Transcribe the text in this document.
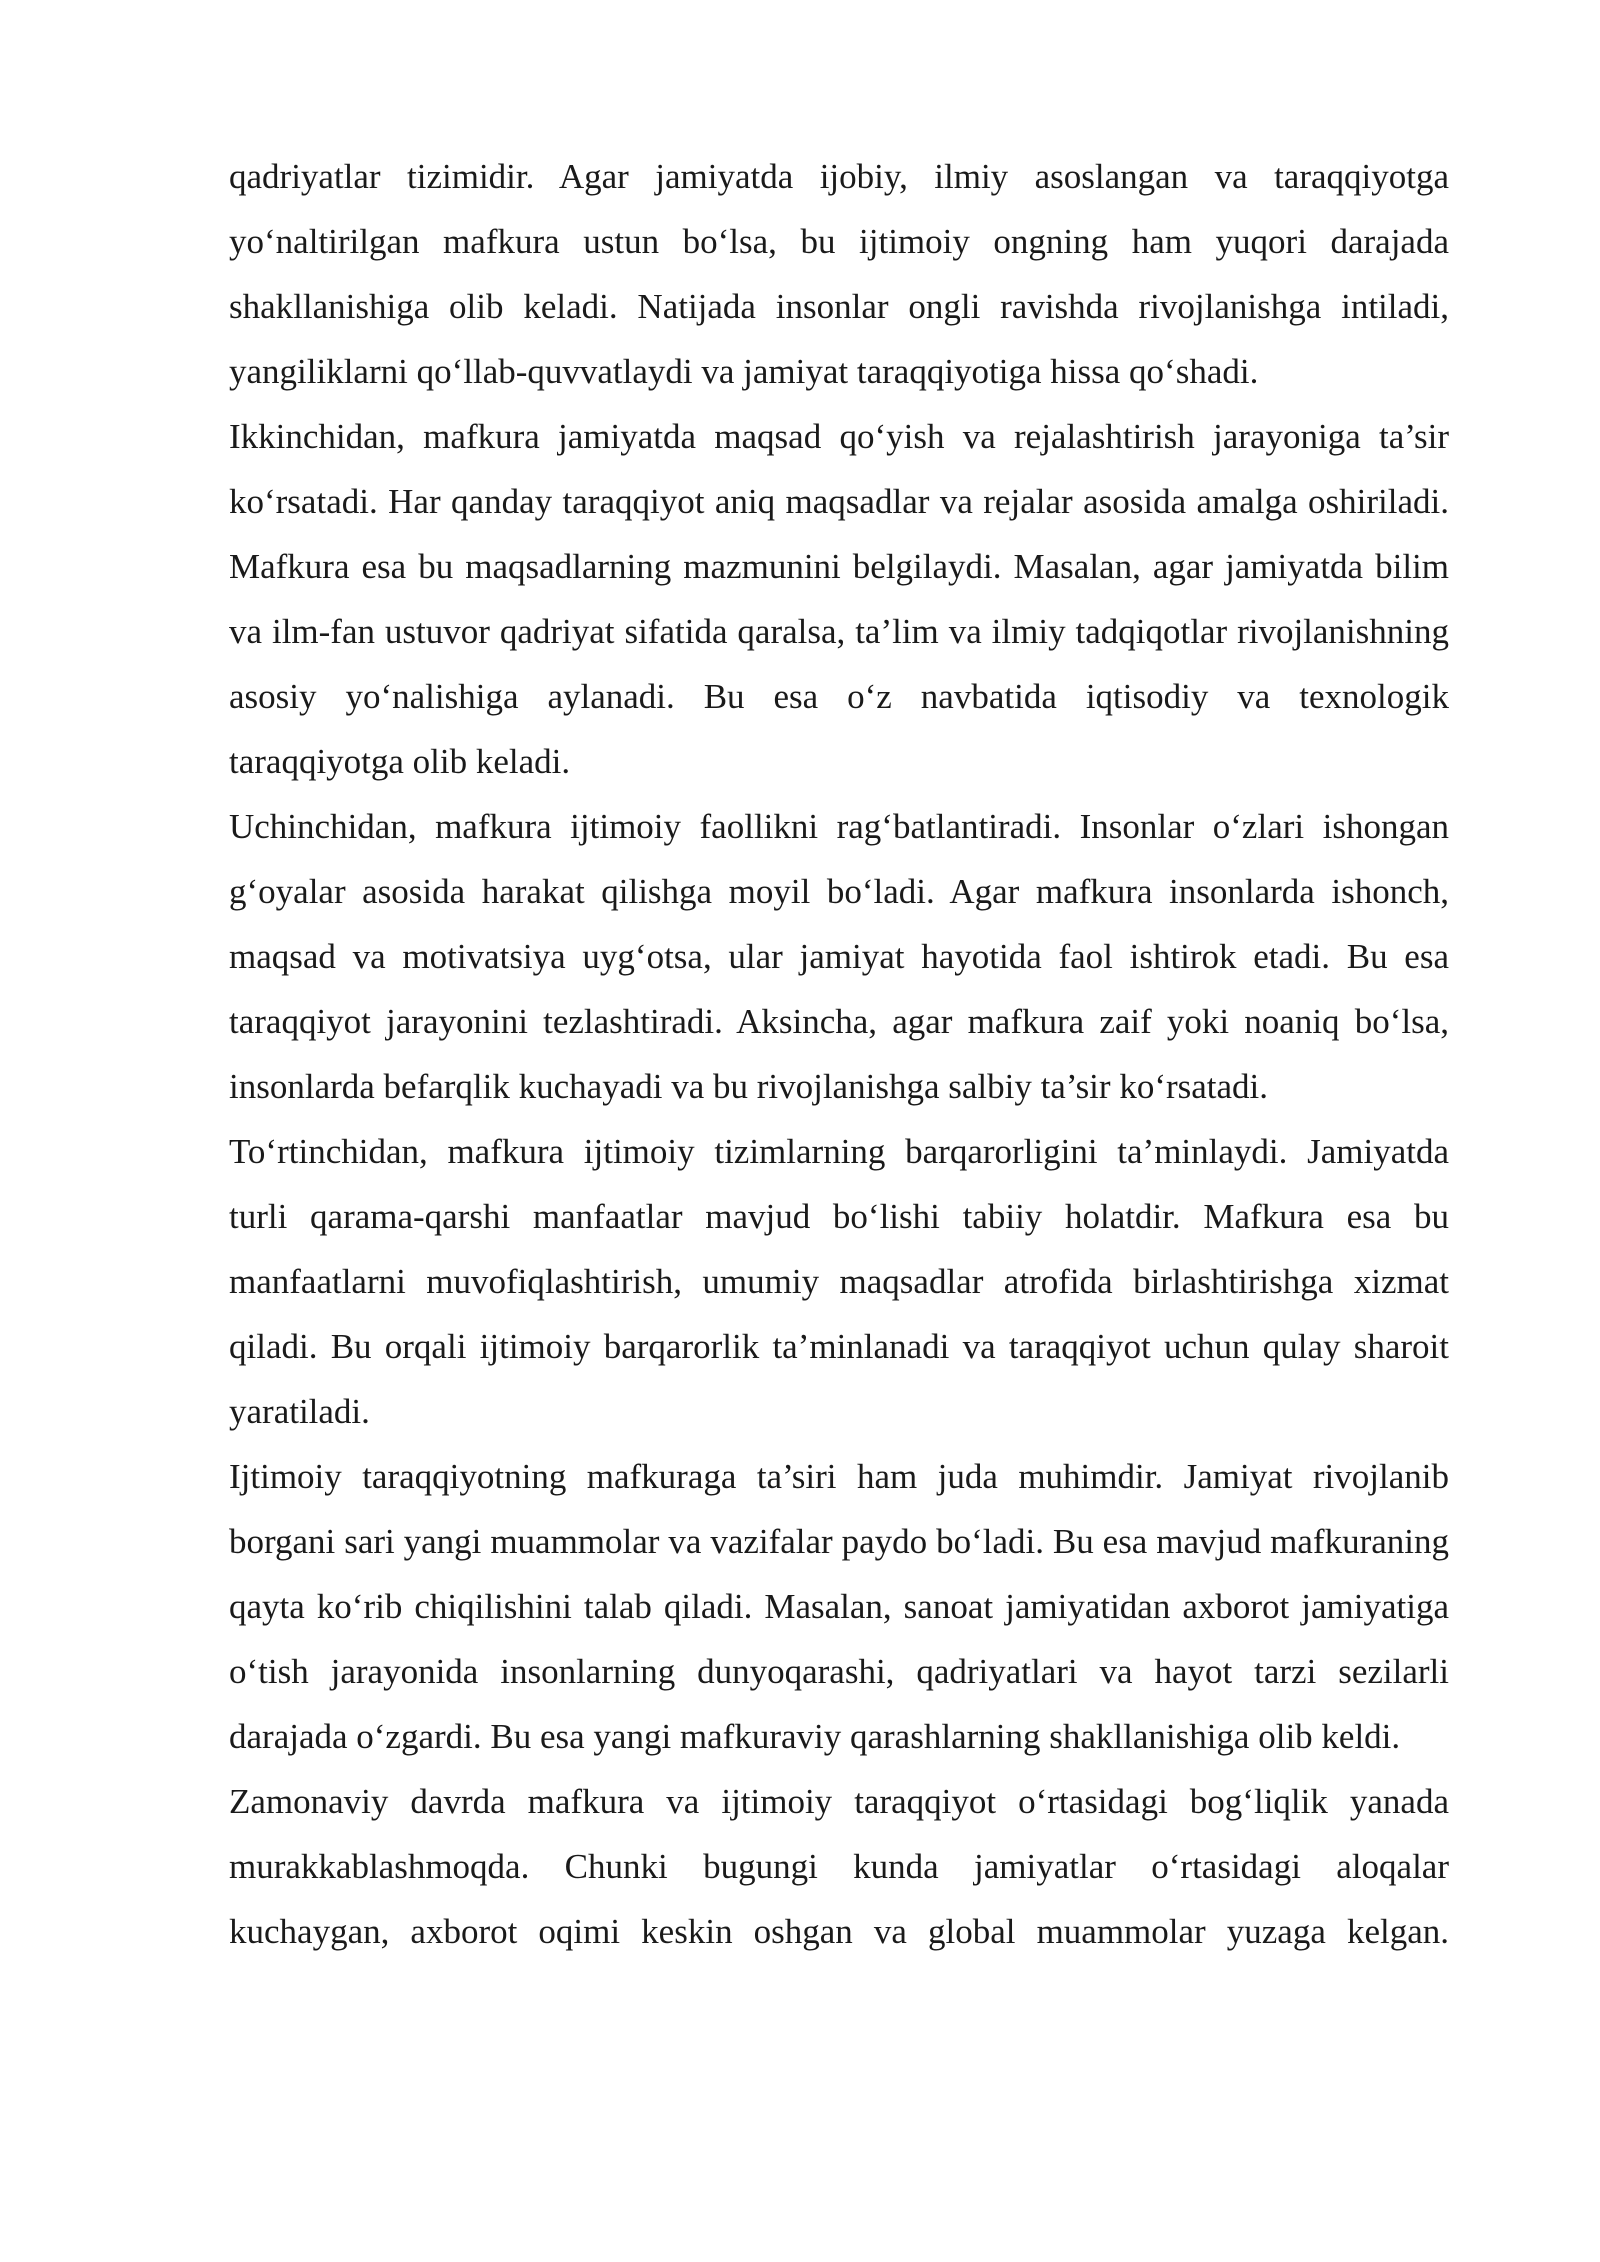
qadriyatlar tizimidir. Agar jamiyatda ijobiy, ilmiy asoslangan va taraqqiyotga yo‘naltirilgan mafkura ustun bo‘lsa, bu ijtimoiy ongning ham yuqori darajada shakllanishiga olib keladi. Natijada insonlar ongli ravishda rivojlanishga intiladi, yangiliklarni qo‘llab-quvvatlaydi va jamiyat taraqqiyotiga hissa qo‘shadi.

Ikkinchidan, mafkura jamiyatda maqsad qo‘yish va rejalashtirish jarayoniga ta’sir ko‘rsatadi. Har qanday taraqqiyot aniq maqsadlar va rejalar asosida amalga oshiriladi. Mafkura esa bu maqsadlarning mazmunini belgilaydi. Masalan, agar jamiyatda bilim va ilm-fan ustuvor qadriyat sifatida qaralsa, ta’lim va ilmiy tadqiqotlar rivojlanishning asosiy yo‘nalishiga aylanadi. Bu esa o‘z navbatida iqtisodiy va texnologik taraqqiyotga olib keladi.

Uchinchidan, mafkura ijtimoiy faollikni rag‘batlantiradi. Insonlar o‘zlari ishongan g‘oyalar asosida harakat qilishga moyil bo‘ladi. Agar mafkura insonlarda ishonch, maqsad va motivatsiya uyg‘otsa, ular jamiyat hayotida faol ishtirok etadi. Bu esa taraqqiyot jarayonini tezlashtiradi. Aksincha, agar mafkura zaif yoki noaniq bo‘lsa, insonlarda befarqlik kuchayadi va bu rivojlanishga salbiy ta’sir ko‘rsatadi.

To‘rtinchidan, mafkura ijtimoiy tizimlarning barqarorligini ta’minlaydi. Jamiyatda turli qarama-qarshi manfaatlar mavjud bo‘lishi tabiiy holatdir. Mafkura esa bu manfaatlarni muvofiqlashtirish, umumiy maqsadlar atrofida birlashtirishga xizmat qiladi. Bu orqali ijtimoiy barqarorlik ta’minlanadi va taraqqiyot uchun qulay sharoit yaratiladi.

Ijtimoiy taraqqiyotning mafkuraga ta’siri ham juda muhimdir. Jamiyat rivojlanib borgani sari yangi muammolar va vazifalar paydo bo‘ladi. Bu esa mavjud mafkuraning qayta ko‘rib chiqilishini talab qiladi. Masalan, sanoat jamiyatidan axborot jamiyatiga o‘tish jarayonida insonlarning dunyoqarashi, qadriyatlari va hayot tarzi sezilarli darajada o‘zgardi. Bu esa yangi mafkuraviy qarashlarning shakllanishiga olib keldi.

Zamonaviy davrda mafkura va ijtimoiy taraqqiyot o‘rtasidagi bog‘liqlik yanada murakkablashmoqda. Chunki bugungi kunda jamiyatlar o‘rtasidagi aloqalar kuchaygan, axborot oqimi keskin oshgan va global muammolar yuzaga kelgan.
